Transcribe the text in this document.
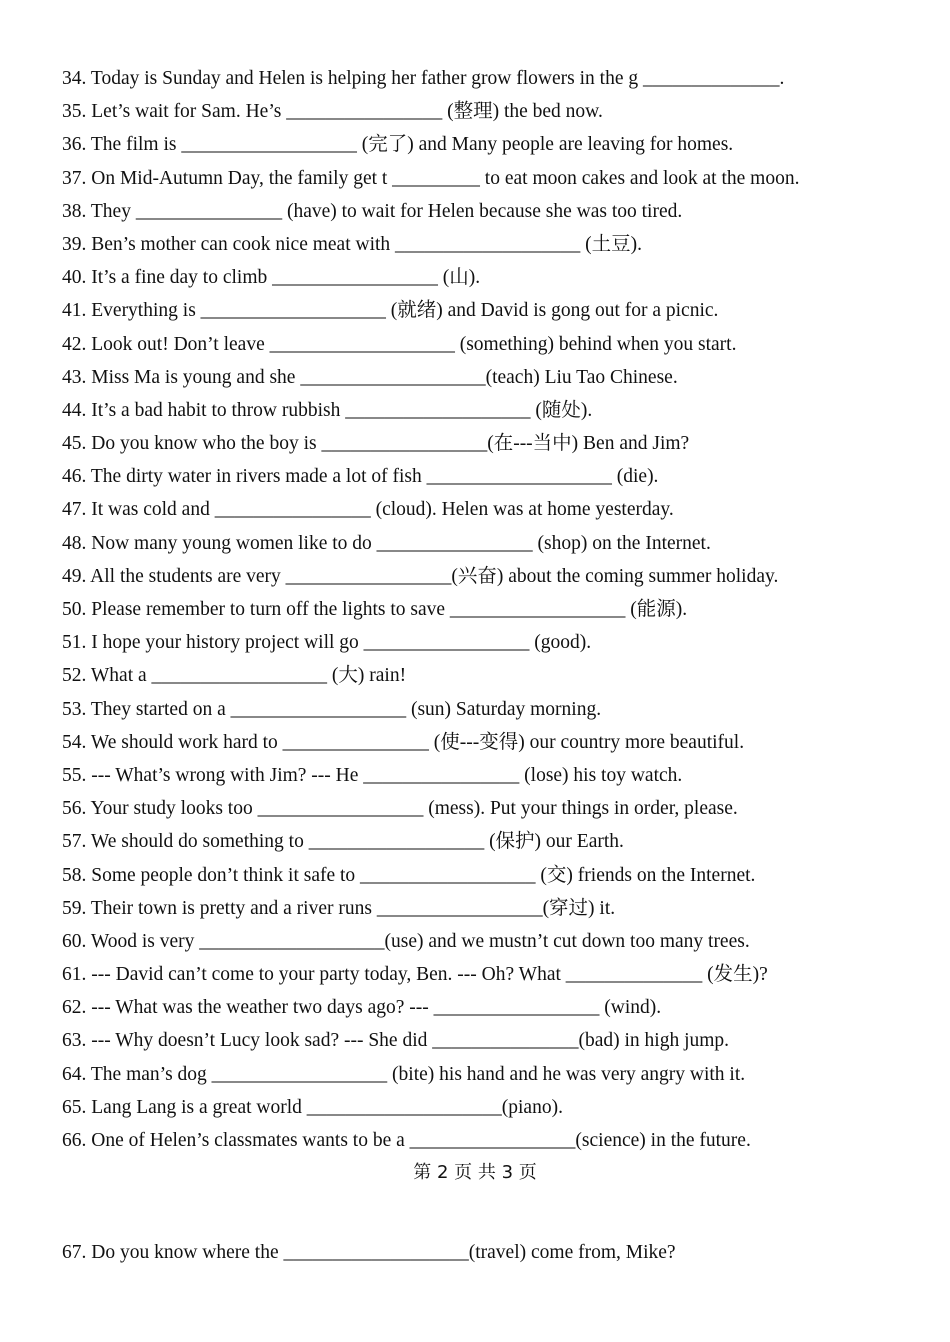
34. Today is Sunday and Helen is helping her father grow flowers in the g ______________.
35. Let’s wait for Sam. He’s ________________ (整理) the bed now.
36. The film is __________________ (完了) and Many people are leaving for homes.
37. On Mid-Autumn Day, the family get t _________ to eat moon cakes and look at the moon.
38. They _______________ (have) to wait for Helen because she was too tired.
39. Ben’s mother can cook nice meat with ___________________ (土豆).
40. It’s a fine day to climb _________________ (山).
41. Everything is ___________________ (就绪) and David is gong out for a picnic.
42. Look out! Don’t leave ___________________ (something) behind when you start.
43. Miss Ma is young and she ___________________(teach) Liu Tao Chinese.
44. It’s a bad habit to throw rubbish ___________________ (随处).
45. Do you know who the boy is _________________(在---当中) Ben and Jim?
46. The dirty water in rivers made a lot of fish ___________________ (die).
47. It was cold and ________________ (cloud). Helen was at home yesterday.
48. Now many young women like to do ________________ (shop) on the Internet.
49. All the students are very _________________(兴奋) about the coming summer holiday.
50. Please remember to turn off the lights to save __________________ (能源).
51. I hope your history project will go _________________ (good).
52. What a __________________ (大) rain!
53. They started on a __________________ (sun) Saturday morning.
54. We should work hard to _______________ (使---变得) our country more beautiful.
55. --- What’s wrong with Jim? --- He ________________ (lose) his toy watch.
56. Your study looks too _________________ (mess). Put your things in order, please.
57. We should do something to __________________ (保护) our Earth.
58. Some people don’t think it safe to __________________ (交) friends on the Internet.
59. Their town is pretty and a river runs _________________(穿过) it.
60. Wood is very ___________________(use) and we mustn’t cut down too many trees.
61. --- David can’t come to your party today, Ben. --- Oh? What ______________ (发生)?
62. --- What was the weather two days ago? --- _________________ (wind).
63. --- Why doesn’t Lucy look sad? --- She did _______________(bad) in high jump.
64. The man’s dog __________________ (bite) his hand and he was very angry with it.
65. Lang Lang is a great world ____________________(piano).
66. One of Helen’s classmates wants to be a _________________(science) in the future.
第 2 页 共 3 页
67. Do you know where the ___________________(travel) come from, Mike?
